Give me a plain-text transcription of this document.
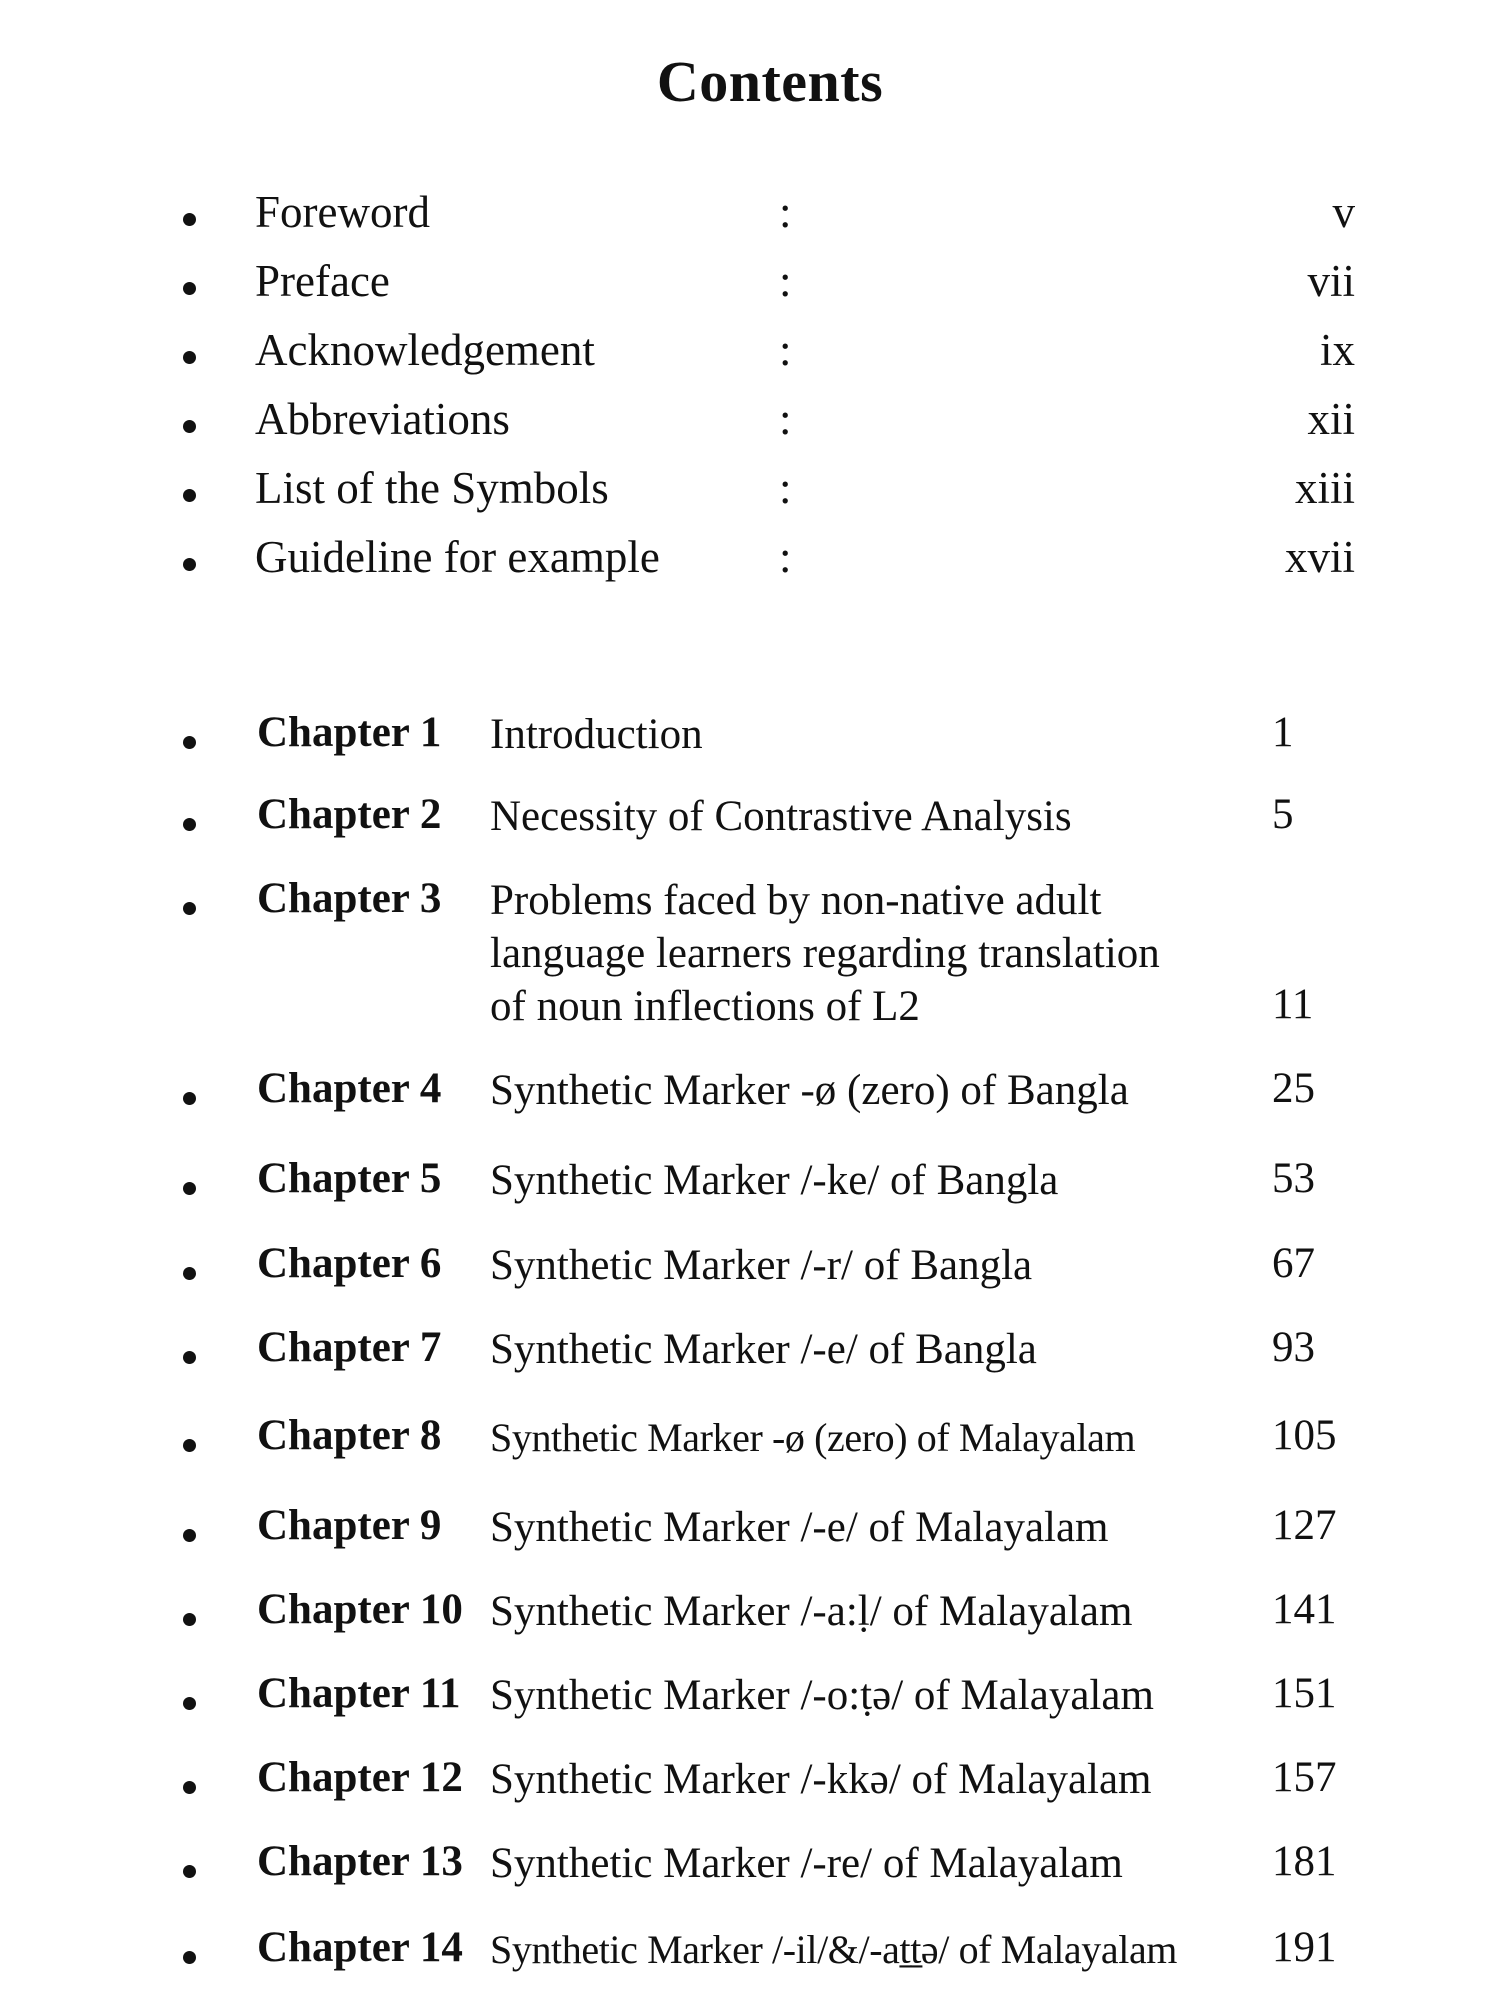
Contents
Foreword	:	v
Preface	:	vii
Acknowledgement	:	ix
Abbreviations	:	xii
List of the Symbols	:	xiii
Guideline for example	:	xvii
Chapter 1 Introduction	1
Chapter 2 Necessity of Contrastive Analysis	5
Chapter 3 Problems faced by non-native adult
language learners regarding translation
of noun inflections of L2	11
Chapter 4 Synthetic Marker -ø (zero) of Bangla	25
Chapter 5 Synthetic Marker /-ke/ of Bangla	53
Chapter 6 Synthetic Marker /-r/ of Bangla	67
Chapter 7 Synthetic Marker /-e/ of Bangla	93
Chapter 8 Synthetic Marker -ø (zero) of Malayalam	105
Chapter 9 Synthetic Marker /-e/ of Malayalam	127
Chapter 10 Synthetic Marker /-a:ḷ/ of Malayalam	141
Chapter 11 Synthetic Marker /-o:ṭə/ of Malayalam	151
Chapter 12 Synthetic Marker /-kkə/ of Malayalam	157
Chapter 13 Synthetic Marker /-re/ of Malayalam	181
Chapter 14 Synthetic Marker /-il/&/-aṯṯə/ of Malayalam 191
